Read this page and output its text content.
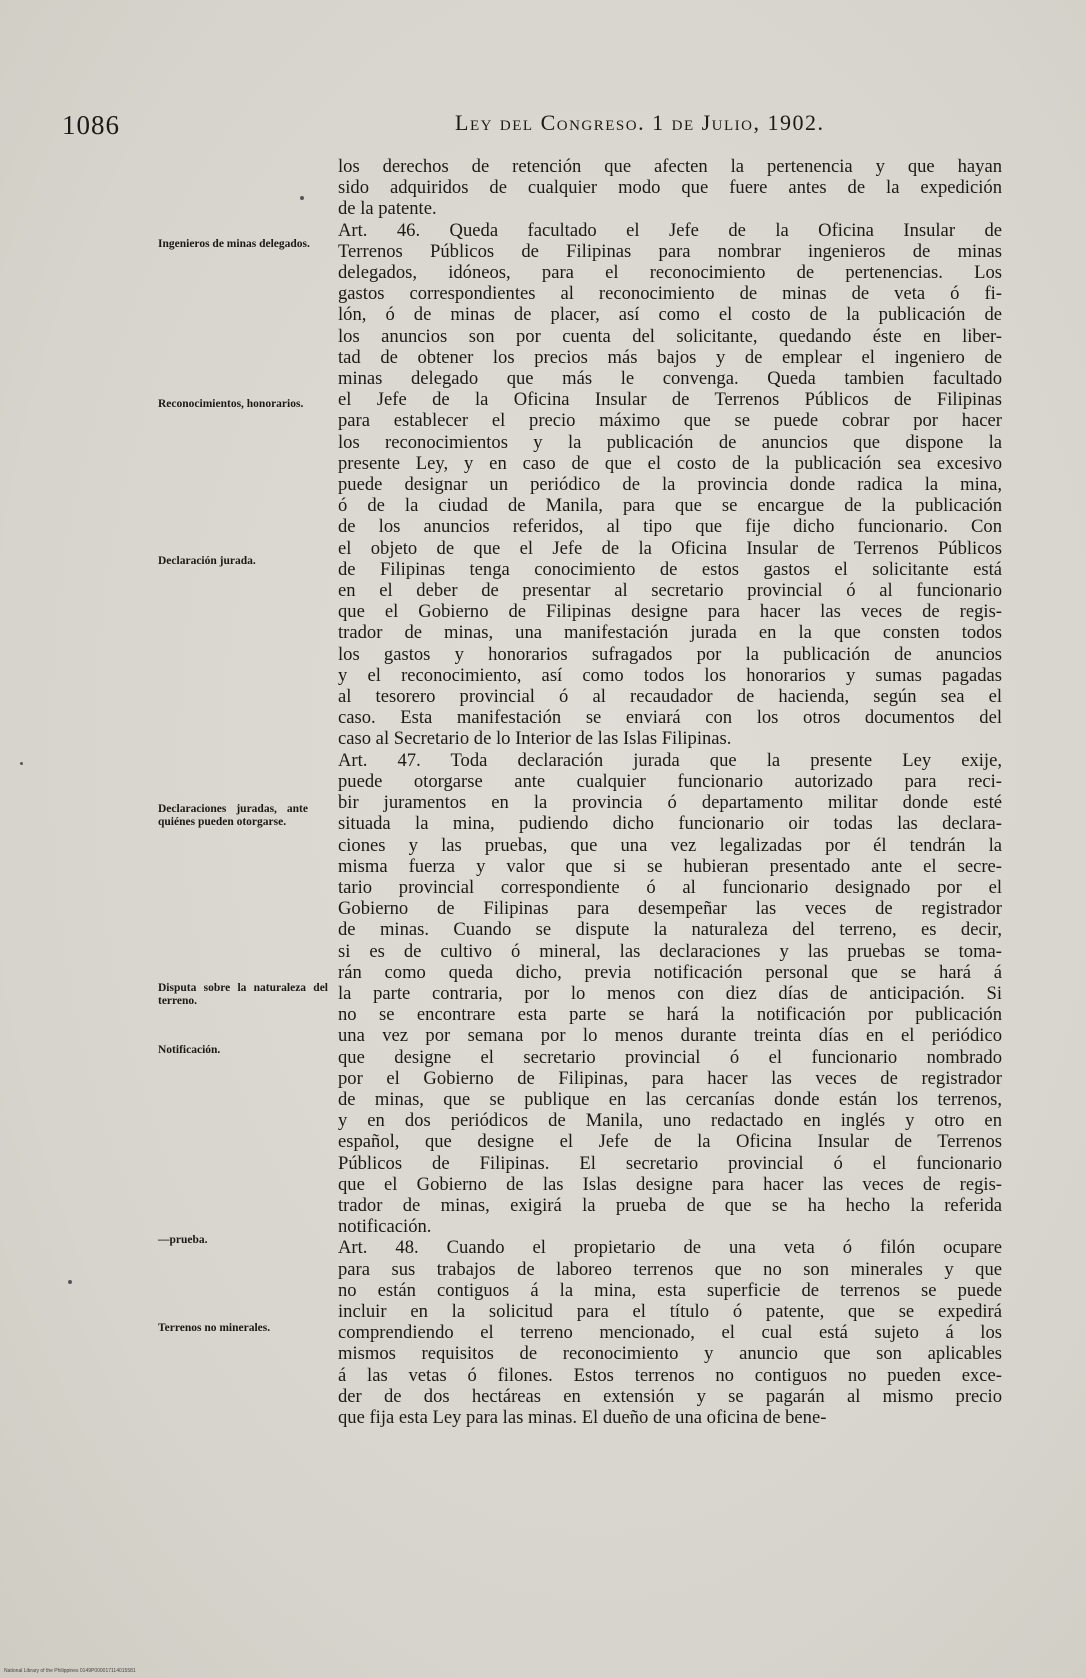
1086	Ley del Congreso. 1 de Julio, 1902.
Ingenieros de minas delegados.
Reconocimientos, honorarios.
Declaración jurada.
Declaraciones juradas, ante quiénes pueden otorgarse.
Disputa sobre la naturaleza del terreno.
Notificación.
—prueba.
Terrenos no minerales.
los derechos de retención que afecten la pertenencia y que hayan
sido adquiridos de cualquier modo que fuere antes de la expedición
de la patente.
Art. 46. Queda facultado el Jefe de la Oficina Insular de
Terrenos Públicos de Filipinas para nombrar ingenieros de minas
delegados, idóneos, para el reconocimiento de pertenencias. Los
gastos correspondientes al reconocimiento de minas de veta ó fi-
lón, ó de minas de placer, así como el costo de la publicación de
los anuncios son por cuenta del solicitante, quedando éste en liber-
tad de obtener los precios más bajos y de emplear el ingeniero de
minas delegado que más le convenga. Queda tambien facultado
el Jefe de la Oficina Insular de Terrenos Públicos de Filipinas
para establecer el precio máximo que se puede cobrar por hacer
los reconocimientos y la publicación de anuncios que dispone la
presente Ley, y en caso de que el costo de la publicación sea excesivo
puede designar un periódico de la provincia donde radica la mina,
ó de la ciudad de Manila, para que se encargue de la publicación
de los anuncios referidos, al tipo que fije dicho funcionario. Con
el objeto de que el Jefe de la Oficina Insular de Terrenos Públicos
de Filipinas tenga conocimiento de estos gastos el solicitante está
en el deber de presentar al secretario provincial ó al funcionario
que el Gobierno de Filipinas designe para hacer las veces de regis-
trador de minas, una manifestación jurada en la que consten todos
los gastos y honorarios sufragados por la publicación de anuncios
y el reconocimiento, así como todos los honorarios y sumas pagadas
al tesorero provincial ó al recaudador de hacienda, según sea el
caso. Esta manifestación se enviará con los otros documentos del
caso al Secretario de lo Interior de las Islas Filipinas.
Art. 47. Toda declaración jurada que la presente Ley exije,
puede otorgarse ante cualquier funcionario autorizado para reci-
bir juramentos en la provincia ó departamento militar donde esté
situada la mina, pudiendo dicho funcionario oir todas las declara-
ciones y las pruebas, que una vez legalizadas por él tendrán la
misma fuerza y valor que si se hubieran presentado ante el secre-
tario provincial correspondiente ó al funcionario designado por el
Gobierno de Filipinas para desempeñar las veces de registrador
de minas. Cuando se dispute la naturaleza del terreno, es decir,
si es de cultivo ó mineral, las declaraciones y las pruebas se toma-
rán como queda dicho, previa notificación personal que se hará á
la parte contraria, por lo menos con diez días de anticipación. Si
no se encontrare esta parte se hará la notificación por publicación
una vez por semana por lo menos durante treinta días en el periódico
que designe el secretario provincial ó el funcionario nombrado
por el Gobierno de Filipinas, para hacer las veces de registrador
de minas, que se publique en las cercanías donde están los terrenos,
y en dos periódicos de Manila, uno redactado en inglés y otro en
español, que designe el Jefe de la Oficina Insular de Terrenos
Públicos de Filipinas. El secretario provincial ó el funcionario
que el Gobierno de las Islas designe para hacer las veces de regis-
trador de minas, exigirá la prueba de que se ha hecho la referida
notificación.
Art. 48. Cuando el propietario de una veta ó filón ocupare
para sus trabajos de laboreo terrenos que no son minerales y que
no están contiguos á la mina, esta superficie de terrenos se puede
incluir en la solicitud para el título ó patente, que se expedirá
comprendiendo el terreno mencionado, el cual está sujeto á los
mismos requisitos de reconocimiento y anuncio que son aplicables
á las vetas ó filones. Estos terrenos no contiguos no pueden exce-
der de dos hectáreas en extensión y se pagarán al mismo precio
que fija esta Ley para las minas. El dueño de una oficina de bene-
National Library of the Philippines 0149P000017114015581
